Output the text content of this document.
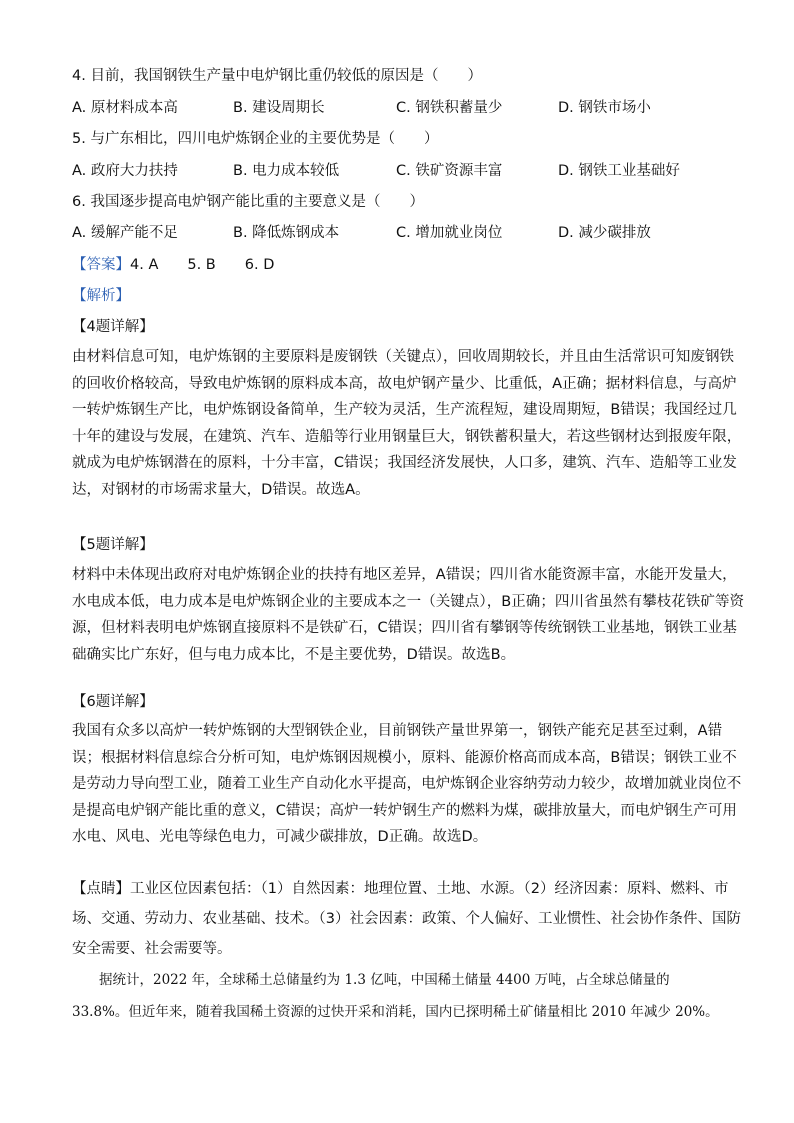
4. 目前，我国钢铁生产量中电炉钢比重仍较低的原因是（　　）
A. 原材料成本高	B. 建设周期长	C. 钢铁积蓄量少	D. 钢铁市场小
5. 与广东相比，四川电炉炼钢企业的主要优势是（　　）
A. 政府大力扶持	B. 电力成本较低	C. 铁矿资源丰富	D. 钢铁工业基础好
6. 我国逐步提高电炉钢产能比重的主要意义是（　　）
A. 缓解产能不足	B. 降低炼钢成本	C. 增加就业岗位	D. 减少碳排放
【答案】4. A　　5. B　　6. D
【解析】
【4题详解】
由材料信息可知，电炉炼钢的主要原料是废钢铁（关键点），回收周期较长，并且由生活常识可知废钢铁
的回收价格较高，导致电炉炼钢的原料成本高，故电炉钢产量少、比重低，A正确；据材料信息，与高炉
一转炉炼钢生产比，电炉炼钢设备简单，生产较为灵活，生产流程短，建设周期短，B错误；我国经过几
十年的建设与发展，在建筑、汽车、造船等行业用钢量巨大，钢铁蓄积量大，若这些钢材达到报废年限，
就成为电炉炼钢潜在的原料，十分丰富，C错误；我国经济发展快，人口多，建筑、汽车、造船等工业发
达，对钢材的市场需求量大，D错误。故选A。
【5题详解】
材料中未体现出政府对电炉炼钢企业的扶持有地区差异，A错误；四川省水能资源丰富，水能开发量大，
水电成本低，电力成本是电炉炼钢企业的主要成本之一（关键点），B正确；四川省虽然有攀枝花铁矿等资
源，但材料表明电炉炼钢直接原料不是铁矿石，C错误；四川省有攀钢等传统钢铁工业基地，钢铁工业基
础确实比广东好，但与电力成本比，不是主要优势，D错误。故选B。
【6题详解】
我国有众多以高炉一转炉炼钢的大型钢铁企业，目前钢铁产量世界第一，钢铁产能充足甚至过剩，A错
误；根据材料信息综合分析可知，电炉炼钢因规模小，原料、能源价格高而成本高，B错误；钢铁工业不
是劳动力导向型工业，随着工业生产自动化水平提高，电炉炼钢企业容纳劳动力较少，故增加就业岗位不
是提高电炉钢产能比重的意义，C错误；高炉一转炉钢生产的燃料为煤，碳排放量大，而电炉钢生产可用
水电、风电、光电等绿色电力，可减少碳排放，D正确。故选D。
【点睛】工业区位因素包括：（1）自然因素：地理位置、土地、水源。（2）经济因素：原料、燃料、市
场、交通、劳动力、农业基础、技术。（3）社会因素：政策、个人偏好、工业惯性、社会协作条件、国防
安全需要、社会需要等。
据统计，2022 年，全球稀土总储量约为 1.3 亿吨，中国稀土储量 4400 万吨，占全球总储量的
33.8%。但近年来，随着我国稀土资源的过快开采和消耗，国内已探明稀土矿储量相比 2010 年减少 20%。
